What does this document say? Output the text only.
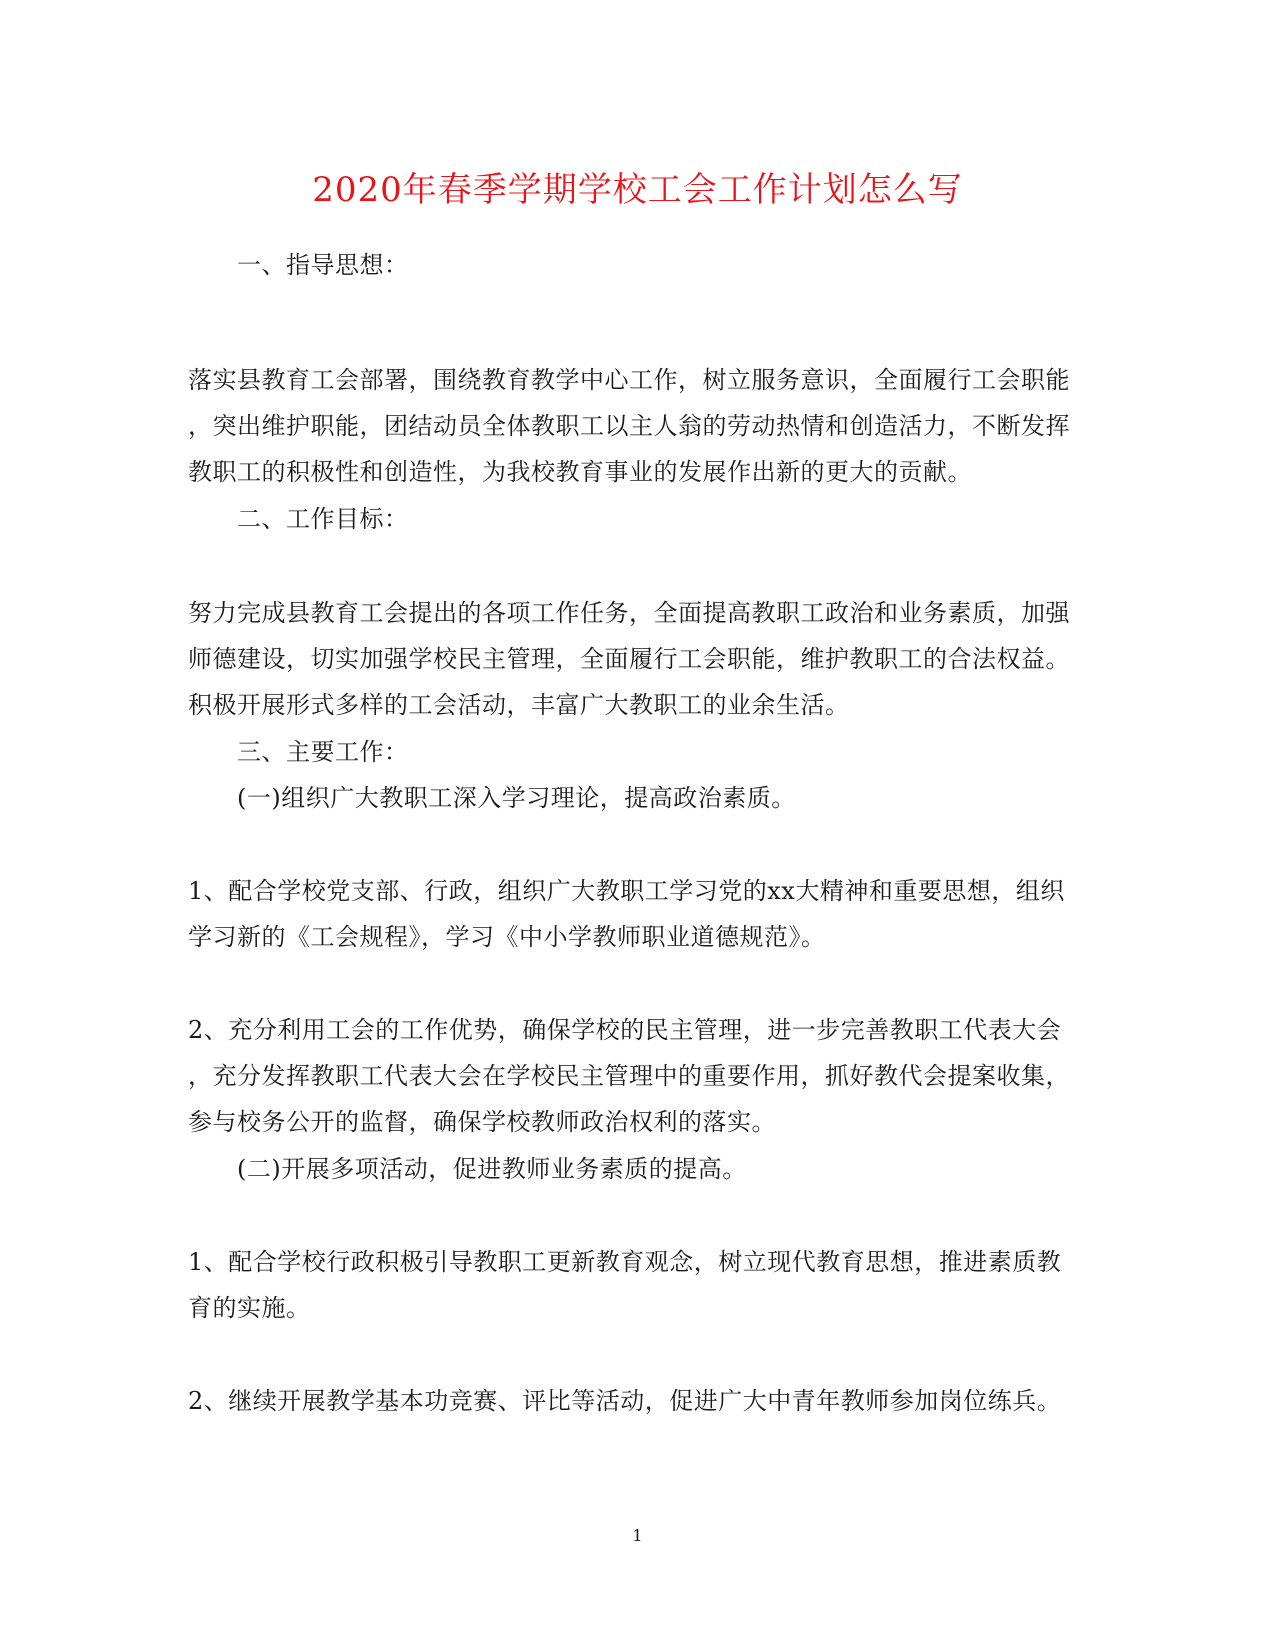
2020年春季学期学校工会工作计划怎么写
一、指导思想：
落实县教育工会部署，围绕教育教学中心工作，树立服务意识，全面履行工会职能
，突出维护职能，团结动员全体教职工以主人翁的劳动热情和创造活力，不断发挥
教职工的积极性和创造性，为我校教育事业的发展作出新的更大的贡献。
二、工作目标：
努力完成县教育工会提出的各项工作任务，全面提高教职工政治和业务素质，加强
师德建设，切实加强学校民主管理，全面履行工会职能，维护教职工的合法权益。
积极开展形式多样的工会活动，丰富广大教职工的业余生活。
三、主要工作：
(一)组织广大教职工深入学习理论，提高政治素质。
1、配合学校党支部、行政，组织广大教职工学习党的xx大精神和重要思想，组织
学习新的《工会规程》，学习《中小学教师职业道德规范》。
2、充分利用工会的工作优势，确保学校的民主管理，进一步完善教职工代表大会
，充分发挥教职工代表大会在学校民主管理中的重要作用，抓好教代会提案收集，
参与校务公开的监督，确保学校教师政治权利的落实。
(二)开展多项活动，促进教师业务素质的提高。
1、配合学校行政积极引导教职工更新教育观念，树立现代教育思想，推进素质教
育的实施。
2、继续开展教学基本功竞赛、评比等活动，促进广大中青年教师参加岗位练兵。
1
